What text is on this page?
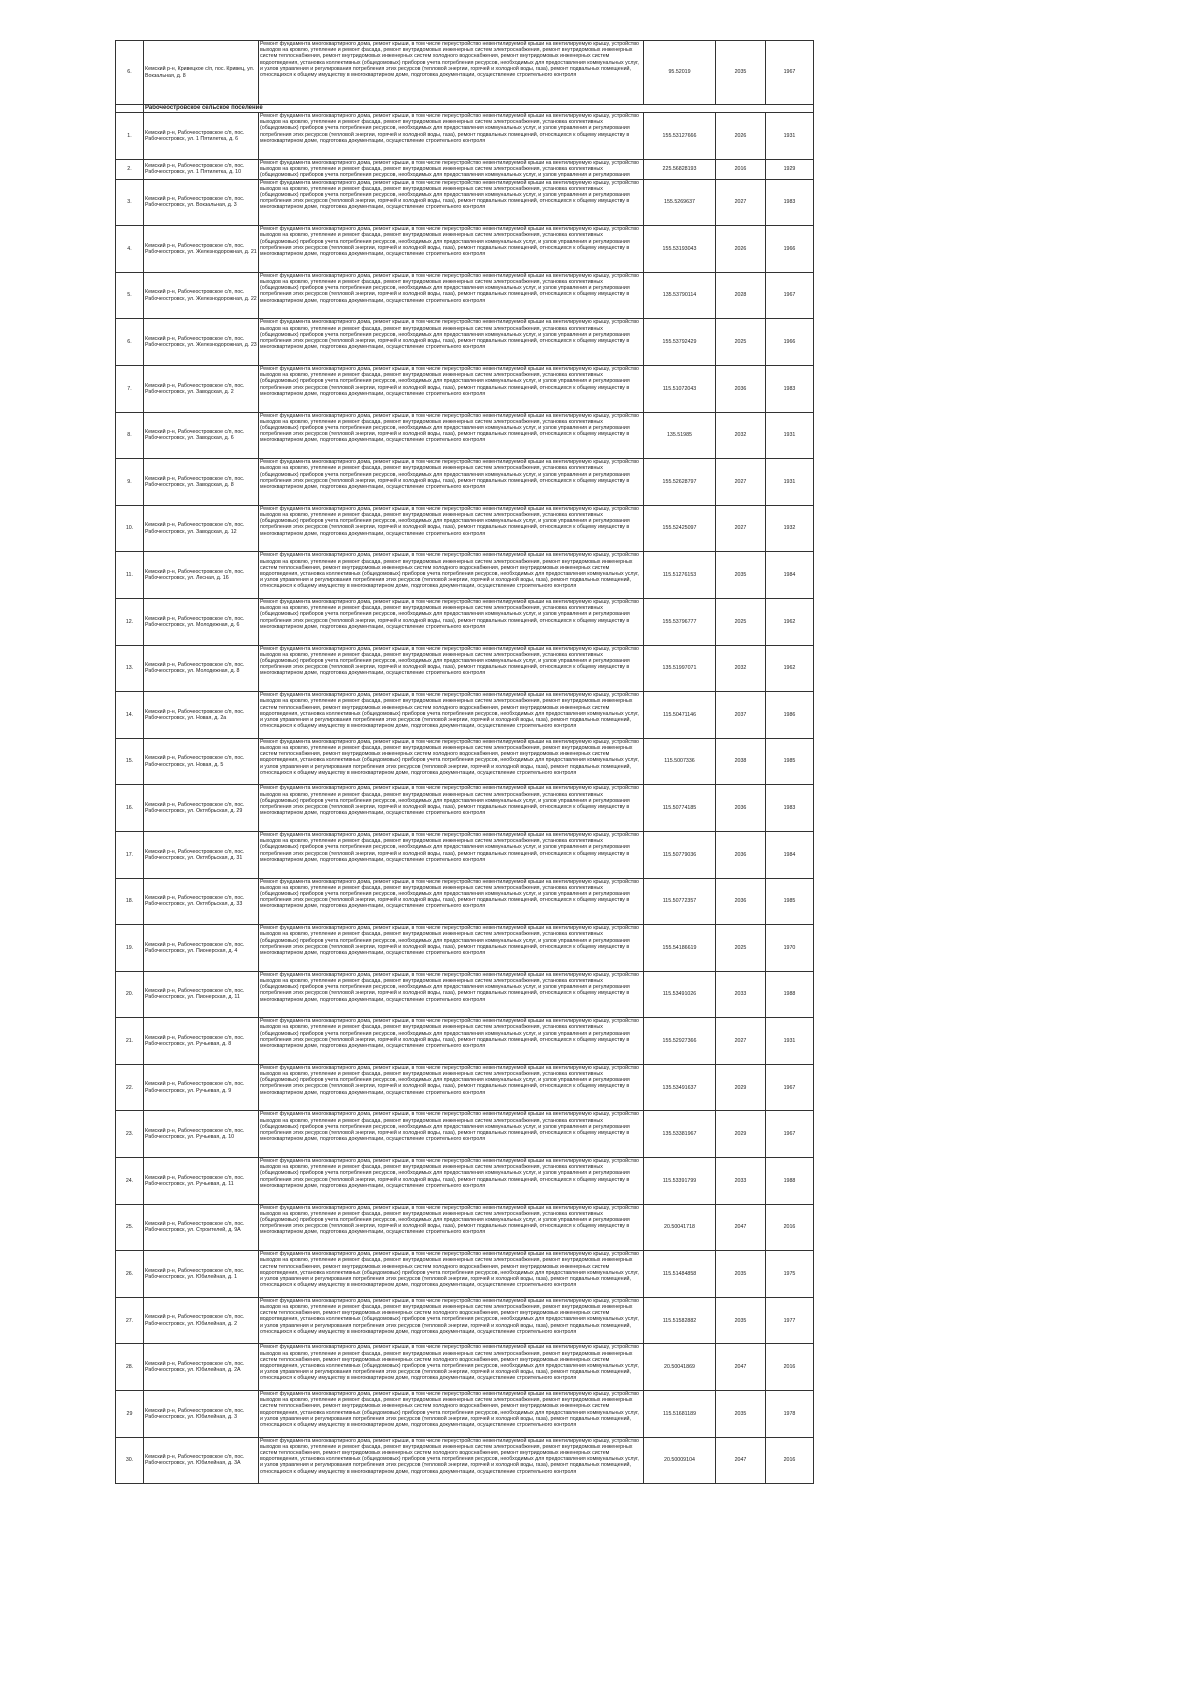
6.	Кемский р-н, Кривецкое с/п, пос. Кривец, ул. Вокзальная, д. 8	Ремонт фундамента многоквартирного дома, ремонт крыши, в том числе переустройство невентилируемой крыши на вентилируемую крышу, устройство выходов на кровлю, утепление и ремонт фасада, ремонт внутридомовых инженерных систем электроснабжения, ремонт внутридомовых инженерных систем теплоснабжения, ремонт внутридомовых инженерных систем холодного водоснабжения, ремонт внутридомовых инженерных систем водоотведения, установка коллективных (общедомовых) приборов учета потребления ресурсов, необходимых для предоставления коммунальных услуг, и узлов управления и регулирования потребления этих ресурсов (тепловой энергии, горячей и холодной воды, газа), ремонт подвальных помещений, относящихся к общему имуществу в многоквартирном доме, подготовка документации, осуществление строительного контроля	95.52019	2035	1967
	Рабочеостровское сельское поселение				
1.	Кемский р-н, Рабочеостровское с/п, пос. Рабочеостровск, ул. 1 Пятилетка, д. 6	Ремонт фундамента многоквартирного дома, ремонт крыши, в том числе переустройство невентилируемой крыши на вентилируемую крышу, устройство выходов на кровлю, утепление и ремонт фасада, ремонт внутридомовых инженерных систем электроснабжения, установка коллективных (общедомовых) приборов учета потребления ресурсов, необходимых для предоставления коммунальных услуг, и узлов управления и регулирования потребления этих ресурсов (тепловой энергии, горячей и холодной воды, газа), ремонт подвальных помещений, относящихся к общему имуществу в многоквартирном доме, подготовка документации, осуществление строительного контроля	155.53127666	2026	1931
2.	Кемский р-н, Рабочеостровское с/п, пос. Рабочеостровск, ул. 1 Пятилетка, д. 10	Ремонт фундамента многоквартирного дома, ремонт крыши, в том числе переустройство невентилируемой крыши на вентилируемую крышу, устройство выходов на кровлю, утепление и ремонт фасада, ремонт внутридомовых инженерных систем электроснабжения, установка коллективных (общедомовых) приборов учета потребления ресурсов, необходимых для предоставления коммунальных услуг, и узлов управления и регулирования	225.56828193	2016	1929
3.	Кемский р-н, Рабочеостровское с/п, пос. Рабочеостровск, ул. Вокзальная, д. 3	Ремонт фундамента многоквартирного дома, ремонт крыши, в том числе переустройство невентилируемой крыши на вентилируемую крышу, устройство выходов на кровлю, утепление и ремонт фасада, ремонт внутридомовых инженерных систем электроснабжения, установка коллективных (общедомовых) приборов учета потребления ресурсов, необходимых для предоставления коммунальных услуг, и узлов управления и регулирования потребления этих ресурсов (тепловой энергии, горячей и холодной воды, газа), ремонт подвальных помещений, относящихся к общему имуществу в многоквартирном доме, подготовка документации, осуществление строительного контроля	155.5269637	2027	1983
4.	Кемский р-н, Рабочеостровское с/п, пос. Рабочеостровск, ул. Железнодорожная, д. 21	Ремонт фундамента многоквартирного дома, ремонт крыши, в том числе переустройство невентилируемой крыши на вентилируемую крышу, устройство выходов на кровлю, утепление и ремонт фасада, ремонт внутридомовых инженерных систем электроснабжения, установка коллективных (общедомовых) приборов учета потребления ресурсов, необходимых для предоставления коммунальных услуг, и узлов управления и регулирования потребления этих ресурсов (тепловой энергии, горячей и холодной воды, газа), ремонт подвальных помещений, относящихся к общему имуществу в многоквартирном доме, подготовка документации, осуществление строительного контроля	155.53193043	2026	1966
5.	Кемский р-н, Рабочеостровское с/п, пос. Рабочеостровск, ул. Железнодорожная, д. 22	Ремонт фундамента многоквартирного дома, ремонт крыши, в том числе переустройство невентилируемой крыши на вентилируемую крышу, устройство выходов на кровлю, утепление и ремонт фасада, ремонт внутридомовых инженерных систем электроснабжения, установка коллективных (общедомовых) приборов учета потребления ресурсов, необходимых для предоставления коммунальных услуг, и узлов управления и регулирования потребления этих ресурсов (тепловой энергии, горячей и холодной воды, газа), ремонт подвальных помещений, относящихся к общему имуществу в многоквартирном доме, подготовка документации, осуществление строительного контроля	135.53790114	2028	1967
6.	Кемский р-н, Рабочеостровское с/п, пос. Рабочеостровск, ул. Железнодорожная, д. 23	Ремонт фундамента многоквартирного дома, ремонт крыши, в том числе переустройство невентилируемой крыши на вентилируемую крышу, устройство выходов на кровлю, утепление и ремонт фасада, ремонт внутридомовых инженерных систем электроснабжения, установка коллективных (общедомовых) приборов учета потребления ресурсов, необходимых для предоставления коммунальных услуг, и узлов управления и регулирования потребления этих ресурсов (тепловой энергии, горячей и холодной воды, газа), ремонт подвальных помещений, относящихся к общему имуществу в многоквартирном доме, подготовка документации, осуществление строительного контроля	155.53792429	2025	1966
7.	Кемский р-н, Рабочеостровское с/п, пос. Рабочеостровск, ул. Заводская, д. 2	Ремонт фундамента многоквартирного дома, ремонт крыши, в том числе переустройство невентилируемой крыши на вентилируемую крышу, устройство выходов на кровлю, утепление и ремонт фасада, ремонт внутридомовых инженерных систем электроснабжения, установка коллективных (общедомовых) приборов учета потребления ресурсов, необходимых для предоставления коммунальных услуг, и узлов управления и регулирования потребления этих ресурсов (тепловой энергии, горячей и холодной воды, газа), ремонт подвальных помещений, относящихся к общему имуществу в многоквартирном доме, подготовка документации, осуществление строительного контроля	115.51072043	2036	1983
8.	Кемский р-н, Рабочеостровское с/п, пос. Рабочеостровск, ул. Заводская, д. 6	Ремонт фундамента многоквартирного дома, ремонт крыши, в том числе переустройство невентилируемой крыши на вентилируемую крышу, устройство выходов на кровлю, утепление и ремонт фасада, ремонт внутридомовых инженерных систем электроснабжения, установка коллективных (общедомовых) приборов учета потребления ресурсов, необходимых для предоставления коммунальных услуг, и узлов управления и регулирования потребления этих ресурсов (тепловой энергии, горячей и холодной воды, газа), ремонт подвальных помещений, относящихся к общему имуществу в многоквартирном доме, подготовка документации, осуществление строительного контроля	135.51985	2032	1931
9.	Кемский р-н, Рабочеостровское с/п, пос. Рабочеостровск, ул. Заводская, д. 8	Ремонт фундамента многоквартирного дома, ремонт крыши, в том числе переустройство невентилируемой крыши на вентилируемую крышу, устройство выходов на кровлю, утепление и ремонт фасада, ремонт внутридомовых инженерных систем электроснабжения, установка коллективных (общедомовых) приборов учета потребления ресурсов, необходимых для предоставления коммунальных услуг, и узлов управления и регулирования потребления этих ресурсов (тепловой энергии, горячей и холодной воды, газа), ремонт подвальных помещений, относящихся к общему имуществу в многоквартирном доме, подготовка документации, осуществление строительного контроля	155.52628797	2027	1931
10.	Кемский р-н, Рабочеостровское с/п, пос. Рабочеостровск, ул. Заводская, д. 12	Ремонт фундамента многоквартирного дома, ремонт крыши, в том числе переустройство невентилируемой крыши на вентилируемую крышу, устройство выходов на кровлю, утепление и ремонт фасада, ремонт внутридомовых инженерных систем электроснабжения, установка коллективных (общедомовых) приборов учета потребления ресурсов, необходимых для предоставления коммунальных услуг, и узлов управления и регулирования потребления этих ресурсов (тепловой энергии, горячей и холодной воды, газа), ремонт подвальных помещений, относящихся к общему имуществу в многоквартирном доме, подготовка документации, осуществление строительного контроля	155.52425097	2027	1932
11.	Кемский р-н, Рабочеостровское с/п, пос. Рабочеостровск, ул. Лесная, д. 16	Ремонт фундамента многоквартирного дома, ремонт крыши, в том числе переустройство невентилируемой крыши на вентилируемую крышу, устройство выходов на кровлю, утепление и ремонт фасада, ремонт внутридомовых инженерных систем электроснабжения, ремонт внутридомовых инженерных систем теплоснабжения, ремонт внутридомовых инженерных систем холодного водоснабжения, ремонт внутридомовых инженерных систем водоотведения, установка коллективных (общедомовых) приборов учета потребления ресурсов, необходимых для предоставления коммунальных услуг, и узлов управления и регулирования потребления этих ресурсов (тепловой энергии, горячей и холодной воды, газа), ремонт подвальных помещений, относящихся к общему имуществу в многоквартирном доме, подготовка документации, осуществление строительного контроля	115.51276153	2035	1984
12.	Кемский р-н, Рабочеостровское с/п, пос. Рабочеостровск, ул. Молодежная, д. 6	Ремонт фундамента многоквартирного дома, ремонт крыши, в том числе переустройство невентилируемой крыши на вентилируемую крышу, устройство выходов на кровлю, утепление и ремонт фасада, ремонт внутридомовых инженерных систем электроснабжения, установка коллективных (общедомовых) приборов учета потребления ресурсов, необходимых для предоставления коммунальных услуг, и узлов управления и регулирования потребления этих ресурсов (тепловой энергии, горячей и холодной воды, газа), ремонт подвальных помещений, относящихся к общему имуществу в многоквартирном доме, подготовка документации, осуществление строительного контроля	155.53796777	2025	1962
13.	Кемский р-н, Рабочеостровское с/п, пос. Рабочеостровск, ул. Молодежная, д. 8	Ремонт фундамента многоквартирного дома, ремонт крыши, в том числе переустройство невентилируемой крыши на вентилируемую крышу, устройство выходов на кровлю, утепление и ремонт фасада, ремонт внутридомовых инженерных систем электроснабжения, установка коллективных (общедомовых) приборов учета потребления ресурсов, необходимых для предоставления коммунальных услуг, и узлов управления и регулирования потребления этих ресурсов (тепловой энергии, горячей и холодной воды, газа), ремонт подвальных помещений, относящихся к общему имуществу в многоквартирном доме, подготовка документации, осуществление строительного контроля	135.51997071	2032	1962
14.	Кемский р-н, Рабочеостровское с/п, пос. Рабочеостровск, ул. Новая, д. 2а	Ремонт фундамента многоквартирного дома, ремонт крыши, в том числе переустройство невентилируемой крыши на вентилируемую крышу, устройство выходов на кровлю, утепление и ремонт фасада, ремонт внутридомовых инженерных систем электроснабжения, ремонт внутридомовых инженерных систем теплоснабжения, ремонт внутридомовых инженерных систем холодного водоснабжения, ремонт внутридомовых инженерных систем водоотведения, установка коллективных (общедомовых) приборов учета потребления ресурсов, необходимых для предоставления коммунальных услуг, и узлов управления и регулирования потребления этих ресурсов (тепловой энергии, горячей и холодной воды, газа), ремонт подвальных помещений, относящихся к общему имуществу в многоквартирном доме, подготовка документации, осуществление строительного контроля	115.50471146	2037	1986
15.	Кемский р-н, Рабочеостровское с/п, пос. Рабочеостровск, ул. Новая, д. 5	Ремонт фундамента многоквартирного дома, ремонт крыши, в том числе переустройство невентилируемой крыши на вентилируемую крышу, устройство выходов на кровлю, утепление и ремонт фасада, ремонт внутридомовых инженерных систем электроснабжения, ремонт внутридомовых инженерных систем теплоснабжения, ремонт внутридомовых инженерных систем холодного водоснабжения, ремонт внутридомовых инженерных систем водоотведения, установка коллективных (общедомовых) приборов учета потребления ресурсов, необходимых для предоставления коммунальных услуг, и узлов управления и регулирования потребления этих ресурсов (тепловой энергии, горячей и холодной воды, газа), ремонт подвальных помещений, относящихся к общему имуществу в многоквартирном доме, подготовка документации, осуществление строительного контроля	115.5007336	2038	1985
16.	Кемский р-н, Рабочеостровское с/п, пос. Рабочеостровск, ул. Октябрьская, д. 29	Ремонт фундамента многоквартирного дома, ремонт крыши, в том числе переустройство невентилируемой крыши на вентилируемую крышу, устройство выходов на кровлю, утепление и ремонт фасада, ремонт внутридомовых инженерных систем электроснабжения, установка коллективных (общедомовых) приборов учета потребления ресурсов, необходимых для предоставления коммунальных услуг, и узлов управления и регулирования потребления этих ресурсов (тепловой энергии, горячей и холодной воды, газа), ремонт подвальных помещений, относящихся к общему имуществу в многоквартирном доме, подготовка документации, осуществление строительного контроля	115.50774185	2036	1983
17.	Кемский р-н, Рабочеостровское с/п, пос. Рабочеостровск, ул. Октябрьская, д. 31	Ремонт фундамента многоквартирного дома, ремонт крыши, в том числе переустройство невентилируемой крыши на вентилируемую крышу, устройство выходов на кровлю, утепление и ремонт фасада, ремонт внутридомовых инженерных систем электроснабжения, установка коллективных (общедомовых) приборов учета потребления ресурсов, необходимых для предоставления коммунальных услуг, и узлов управления и регулирования потребления этих ресурсов (тепловой энергии, горячей и холодной воды, газа), ремонт подвальных помещений, относящихся к общему имуществу в многоквартирном доме, подготовка документации, осуществление строительного контроля	115.50779036	2036	1984
18.	Кемский р-н, Рабочеостровское с/п, пос. Рабочеостровск, ул. Октябрьская, д. 33	Ремонт фундамента многоквартирного дома, ремонт крыши, в том числе переустройство невентилируемой крыши на вентилируемую крышу, устройство выходов на кровлю, утепление и ремонт фасада, ремонт внутридомовых инженерных систем электроснабжения, установка коллективных (общедомовых) приборов учета потребления ресурсов, необходимых для предоставления коммунальных услуг, и узлов управления и регулирования потребления этих ресурсов (тепловой энергии, горячей и холодной воды, газа), ремонт подвальных помещений, относящихся к общему имуществу в многоквартирном доме, подготовка документации, осуществление строительного контроля	115.50772357	2036	1985
19.	Кемский р-н, Рабочеостровское с/п, пос. Рабочеостровск, ул. Пионерская, д. 4	Ремонт фундамента многоквартирного дома, ремонт крыши, в том числе переустройство невентилируемой крыши на вентилируемую крышу, устройство выходов на кровлю, утепление и ремонт фасада, ремонт внутридомовых инженерных систем электроснабжения, установка коллективных (общедомовых) приборов учета потребления ресурсов, необходимых для предоставления коммунальных услуг, и узлов управления и регулирования потребления этих ресурсов (тепловой энергии, горячей и холодной воды, газа), ремонт подвальных помещений, относящихся к общему имуществу в многоквартирном доме, подготовка документации, осуществление строительного контроля	155.54186619	2025	1970
20.	Кемский р-н, Рабочеостровское с/п, пос. Рабочеостровск, ул. Пионерская, д. 11	Ремонт фундамента многоквартирного дома, ремонт крыши, в том числе переустройство невентилируемой крыши на вентилируемую крышу, устройство выходов на кровлю, утепление и ремонт фасада, ремонт внутридомовых инженерных систем электроснабжения, установка коллективных (общедомовых) приборов учета потребления ресурсов, необходимых для предоставления коммунальных услуг, и узлов управления и регулирования потребления этих ресурсов (тепловой энергии, горячей и холодной воды, газа), ремонт подвальных помещений, относящихся к общему имуществу в многоквартирном доме, подготовка документации, осуществление строительного контроля	115.53491026	2033	1988
21.	Кемский р-н, Рабочеостровское с/п, пос. Рабочеостровск, ул. Ручьевая, д. 8	Ремонт фундамента многоквартирного дома, ремонт крыши, в том числе переустройство невентилируемой крыши на вентилируемую крышу, устройство выходов на кровлю, утепление и ремонт фасада, ремонт внутридомовых инженерных систем электроснабжения, установка коллективных (общедомовых) приборов учета потребления ресурсов, необходимых для предоставления коммунальных услуг, и узлов управления и регулирования потребления этих ресурсов (тепловой энергии, горячей и холодной воды, газа), ремонт подвальных помещений, относящихся к общему имуществу в многоквартирном доме, подготовка документации, осуществление строительного контроля	155.52927366	2027	1931
22.	Кемский р-н, Рабочеостровское с/п, пос. Рабочеостровск, ул. Ручьевая, д. 9	Ремонт фундамента многоквартирного дома, ремонт крыши, в том числе переустройство невентилируемой крыши на вентилируемую крышу, устройство выходов на кровлю, утепление и ремонт фасада, ремонт внутридомовых инженерных систем электроснабжения, установка коллективных (общедомовых) приборов учета потребления ресурсов, необходимых для предоставления коммунальных услуг, и узлов управления и регулирования потребления этих ресурсов (тепловой энергии, горячей и холодной воды, газа), ремонт подвальных помещений, относящихся к общему имуществу в многоквартирном доме, подготовка документации, осуществление строительного контроля	135.53491637	2029	1967
23.	Кемский р-н, Рабочеостровское с/п, пос. Рабочеостровск, ул. Ручьевая, д. 10	Ремонт фундамента многоквартирного дома, ремонт крыши, в том числе переустройство невентилируемой крыши на вентилируемую крышу, устройство выходов на кровлю, утепление и ремонт фасада, ремонт внутридомовых инженерных систем электроснабжения, установка коллективных (общедомовых) приборов учета потребления ресурсов, необходимых для предоставления коммунальных услуг, и узлов управления и регулирования потребления этих ресурсов (тепловой энергии, горячей и холодной воды, газа), ремонт подвальных помещений, относящихся к общему имуществу в многоквартирном доме, подготовка документации, осуществление строительного контроля	135.53381967	2029	1967
24.	Кемский р-н, Рабочеостровское с/п, пос. Рабочеостровск, ул. Ручьевая, д. 11	Ремонт фундамента многоквартирного дома, ремонт крыши, в том числе переустройство невентилируемой крыши на вентилируемую крышу, устройство выходов на кровлю, утепление и ремонт фасада, ремонт внутридомовых инженерных систем электроснабжения, установка коллективных (общедомовых) приборов учета потребления ресурсов, необходимых для предоставления коммунальных услуг, и узлов управления и регулирования потребления этих ресурсов (тепловой энергии, горячей и холодной воды, газа), ремонт подвальных помещений, относящихся к общему имуществу в многоквартирном доме, подготовка документации, осуществление строительного контроля	115.53391799	2033	1988
25.	Кемский р-н, Рабочеостровское с/п, пос. Рабочеостровск, ул. Строителей, д. 9А	Ремонт фундамента многоквартирного дома, ремонт крыши, в том числе переустройство невентилируемой крыши на вентилируемую крышу, устройство выходов на кровлю, утепление и ремонт фасада, ремонт внутридомовых инженерных систем электроснабжения, установка коллективных (общедомовых) приборов учета потребления ресурсов, необходимых для предоставления коммунальных услуг, и узлов управления и регулирования потребления этих ресурсов (тепловой энергии, горячей и холодной воды, газа), ремонт подвальных помещений, относящихся к общему имуществу в многоквартирном доме, подготовка документации, осуществление строительного контроля	20.50041718	2047	2016
26.	Кемский р-н, Рабочеостровское с/п, пос. Рабочеостровск, ул. Юбилейная, д. 1	Ремонт фундамента многоквартирного дома, ремонт крыши, в том числе переустройство невентилируемой крыши на вентилируемую крышу, устройство выходов на кровлю, утепление и ремонт фасада, ремонт внутридомовых инженерных систем электроснабжения, ремонт внутридомовых инженерных систем теплоснабжения, ремонт внутридомовых инженерных систем холодного водоснабжения, ремонт внутридомовых инженерных систем водоотведения, установка коллективных (общедомовых) приборов учета потребления ресурсов, необходимых для предоставления коммунальных услуг, и узлов управления и регулирования потребления этих ресурсов (тепловой энергии, горячей и холодной воды, газа), ремонт подвальных помещений, относящихся к общему имуществу в многоквартирном доме, подготовка документации, осуществление строительного контроля	115.51484858	2035	1975
27.	Кемский р-н, Рабочеостровское с/п, пос. Рабочеостровск, ул. Юбилейная, д. 2	Ремонт фундамента многоквартирного дома, ремонт крыши, в том числе переустройство невентилируемой крыши на вентилируемую крышу, устройство выходов на кровлю, утепление и ремонт фасада, ремонт внутридомовых инженерных систем электроснабжения, ремонт внутридомовых инженерных систем теплоснабжения, ремонт внутридомовых инженерных систем холодного водоснабжения, ремонт внутридомовых инженерных систем водоотведения, установка коллективных (общедомовых) приборов учета потребления ресурсов, необходимых для предоставления коммунальных услуг, и узлов управления и регулирования потребления этих ресурсов (тепловой энергии, горячей и холодной воды, газа), ремонт подвальных помещений, относящихся к общему имуществу в многоквартирном доме, подготовка документации, осуществление строительного контроля	115.51582882	2035	1977
28.	Кемский р-н, Рабочеостровское с/п, пос. Рабочеостровск, ул. Юбилейная, д. 2А	Ремонт фундамента многоквартирного дома, ремонт крыши, в том числе переустройство невентилируемой крыши на вентилируемую крышу, устройство выходов на кровлю, утепление и ремонт фасада, ремонт внутридомовых инженерных систем электроснабжения, ремонт внутридомовых инженерных систем теплоснабжения, ремонт внутридомовых инженерных систем холодного водоснабжения, ремонт внутридомовых инженерных систем водоотведения, установка коллективных (общедомовых) приборов учета потребления ресурсов, необходимых для предоставления коммунальных услуг, и узлов управления и регулирования потребления этих ресурсов (тепловой энергии, горячей и холодной воды, газа), ремонт подвальных помещений, относящихся к общему имуществу в многоквартирном доме, подготовка документации, осуществление строительного контроля	20.50041869	2047	2016
29	Кемский р-н, Рабочеостровское с/п, пос. Рабочеостровск, ул. Юбилейная, д. 3	Ремонт фундамента многоквартирного дома, ремонт крыши, в том числе переустройство невентилируемой крыши на вентилируемую крышу, устройство выходов на кровлю, утепление и ремонт фасада, ремонт внутридомовых инженерных систем электроснабжения, ремонт внутридомовых инженерных систем теплоснабжения, ремонт внутридомовых инженерных систем холодного водоснабжения, ремонт внутридомовых инженерных систем водоотведения, установка коллективных (общедомовых) приборов учета потребления ресурсов, необходимых для предоставления коммунальных услуг, и узлов управления и регулирования потребления этих ресурсов (тепловой энергии, горячей и холодной воды, газа), ремонт подвальных помещений, относящихся к общему имуществу в многоквартирном доме, подготовка документации, осуществление строительного контроля	115.51681189	2035	1978
30.	Кемский р-н, Рабочеостровское с/п, пос. Рабочеостровск, ул. Юбилейная, д. 3А	Ремонт фундамента многоквартирного дома, ремонт крыши, в том числе переустройство невентилируемой крыши на вентилируемую крышу, устройство выходов на кровлю, утепление и ремонт фасада, ремонт внутридомовых инженерных систем электроснабжения, ремонт внутридомовых инженерных систем теплоснабжения, ремонт внутридомовых инженерных систем холодного водоснабжения, ремонт внутридомовых инженерных систем водоотведения, установка коллективных (общедомовых) приборов учета потребления ресурсов, необходимых для предоставления коммунальных услуг, и узлов управления и регулирования потребления этих ресурсов (тепловой энергии, горячей и холодной воды, газа), ремонт подвальных помещений, относящихся к общему имуществу в многоквартирном доме, подготовка документации, осуществление строительного контроля	20.50009104	2047	2016
